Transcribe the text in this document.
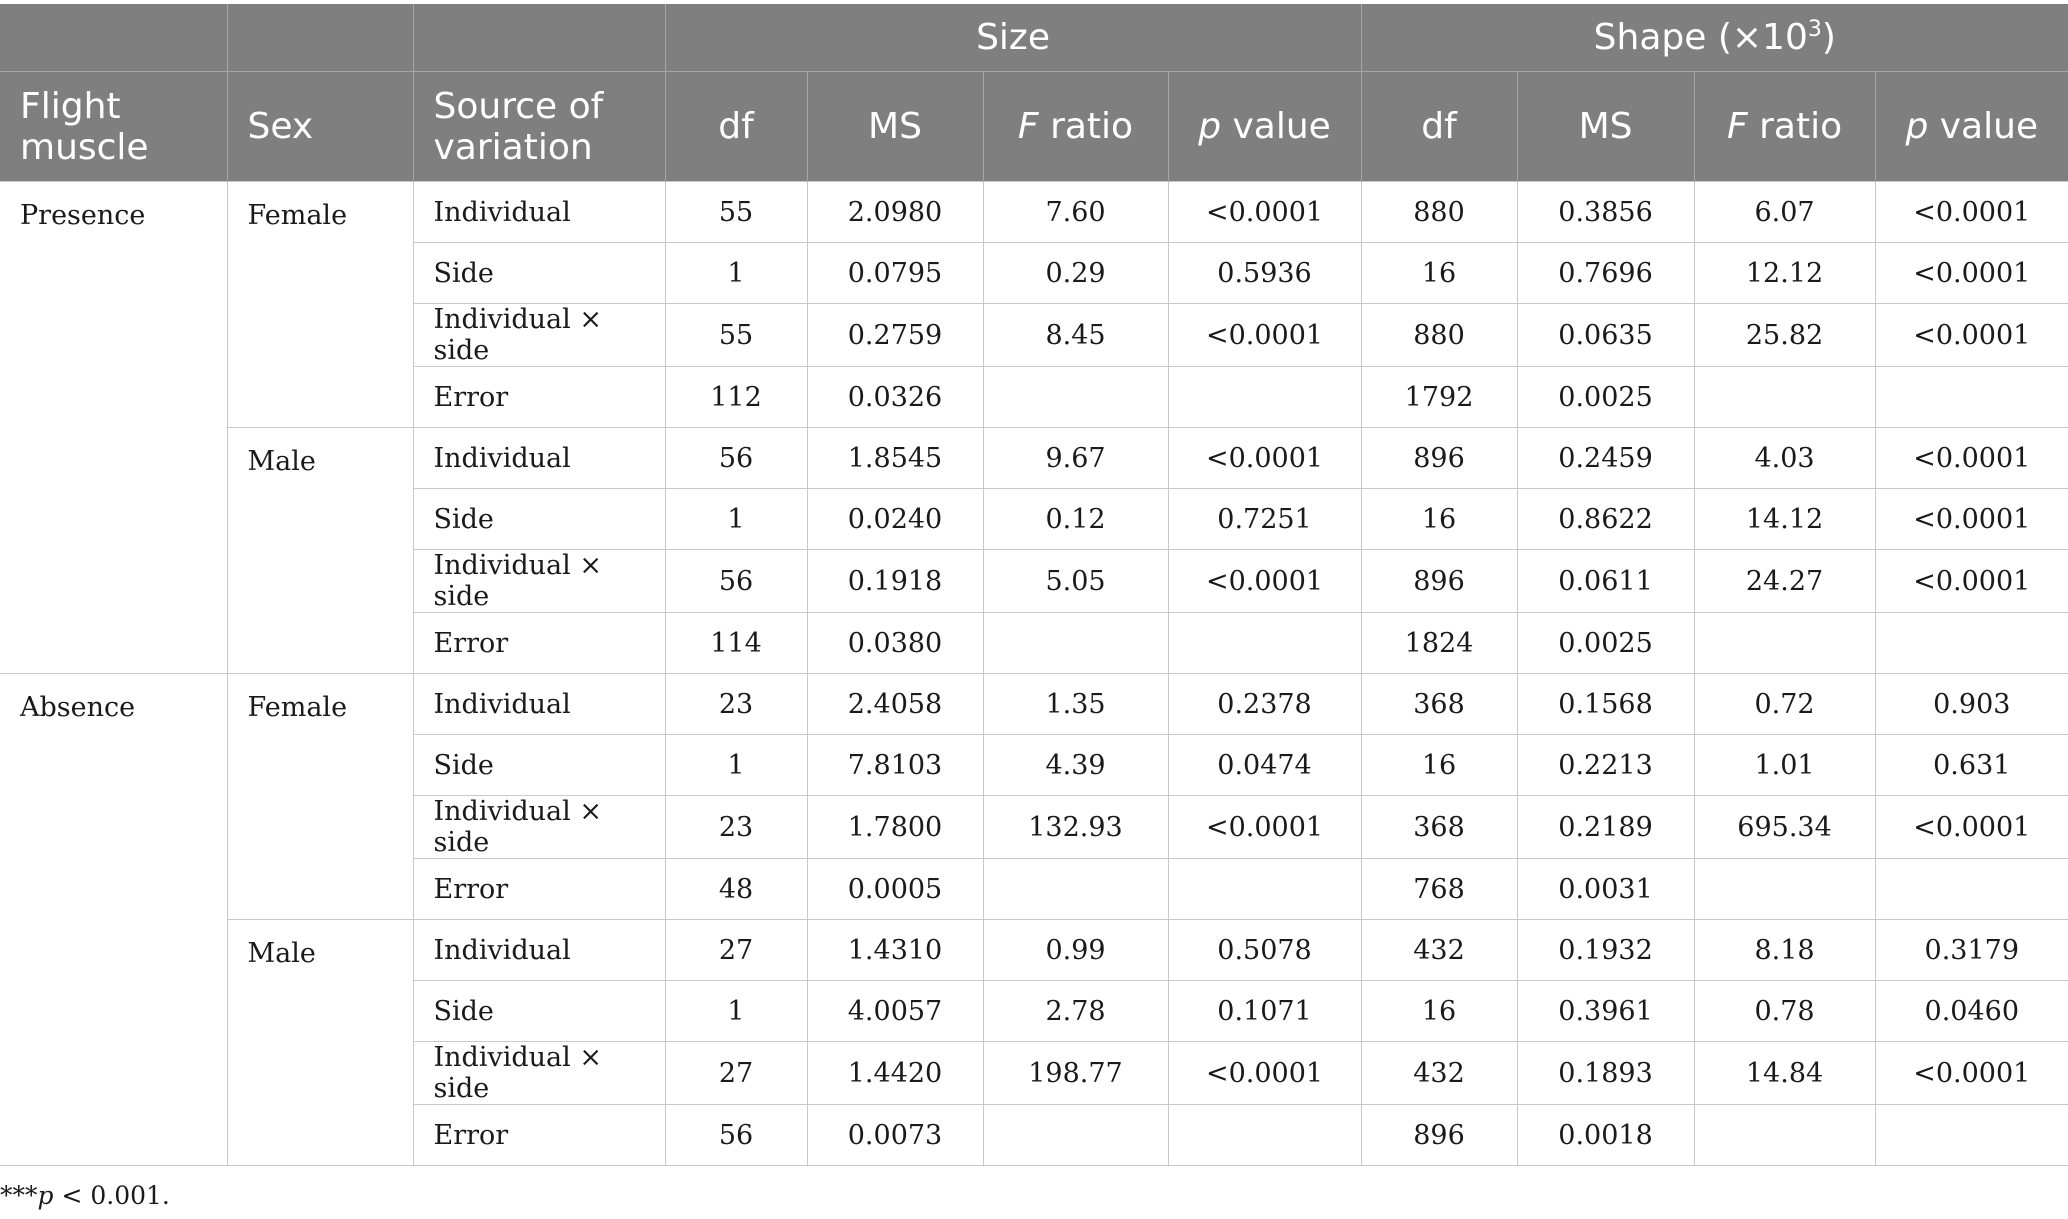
			Size				Shape $(\times 10^3)$			
Flight
muscle	Sex	Source of
variation	df	MS	F ratio	p value	df	MS	F ratio	p value
Presence	Female	Individual	55	2.0980	7.60	<0.0001	880	0.3856	6.07	<0.0001
		Side	1	0.0795	0.29	0.5936	16	0.7696	12.12	<0.0001
		Individual × side	55	0.2759	8.45	<0.0001	880	0.0635	25.82	<0.0001
		Error	112	0.0326			1792	0.0025		
	Male	Individual	56	1.8545	9.67	<0.0001	896	0.2459	4.03	<0.0001
		Side	1	0.0240	0.12	0.7251	16	0.8622	14.12	<0.0001
		Individual × side	56	0.1918	5.05	<0.0001	896	0.0611	24.27	<0.0001
		Error	114	0.0380			1824	0.0025		
Absence	Female	Individual	23	2.4058	1.35	0.2378	368	0.1568	0.72	0.903
		Side	1	7.8103	4.39	0.0474	16	0.2213	1.01	0.631
		Individual × side	23	1.7800	132.93	<0.0001	368	0.2189	695.34	<0.0001
		Error	48	0.0005			768	0.0031		
	Male	Individual	27	1.4310	0.99	0.5078	432	0.1932	8.18	0.3179
		Side	1	4.0057	2.78	0.1071	16	0.3961	0.78	0.0460
		Individual × side	27	1.4420	198.77	<0.0001	432	0.1893	14.84	<0.0001
		Error	56	0.0073			896	0.0018		
***p < 0.001.
